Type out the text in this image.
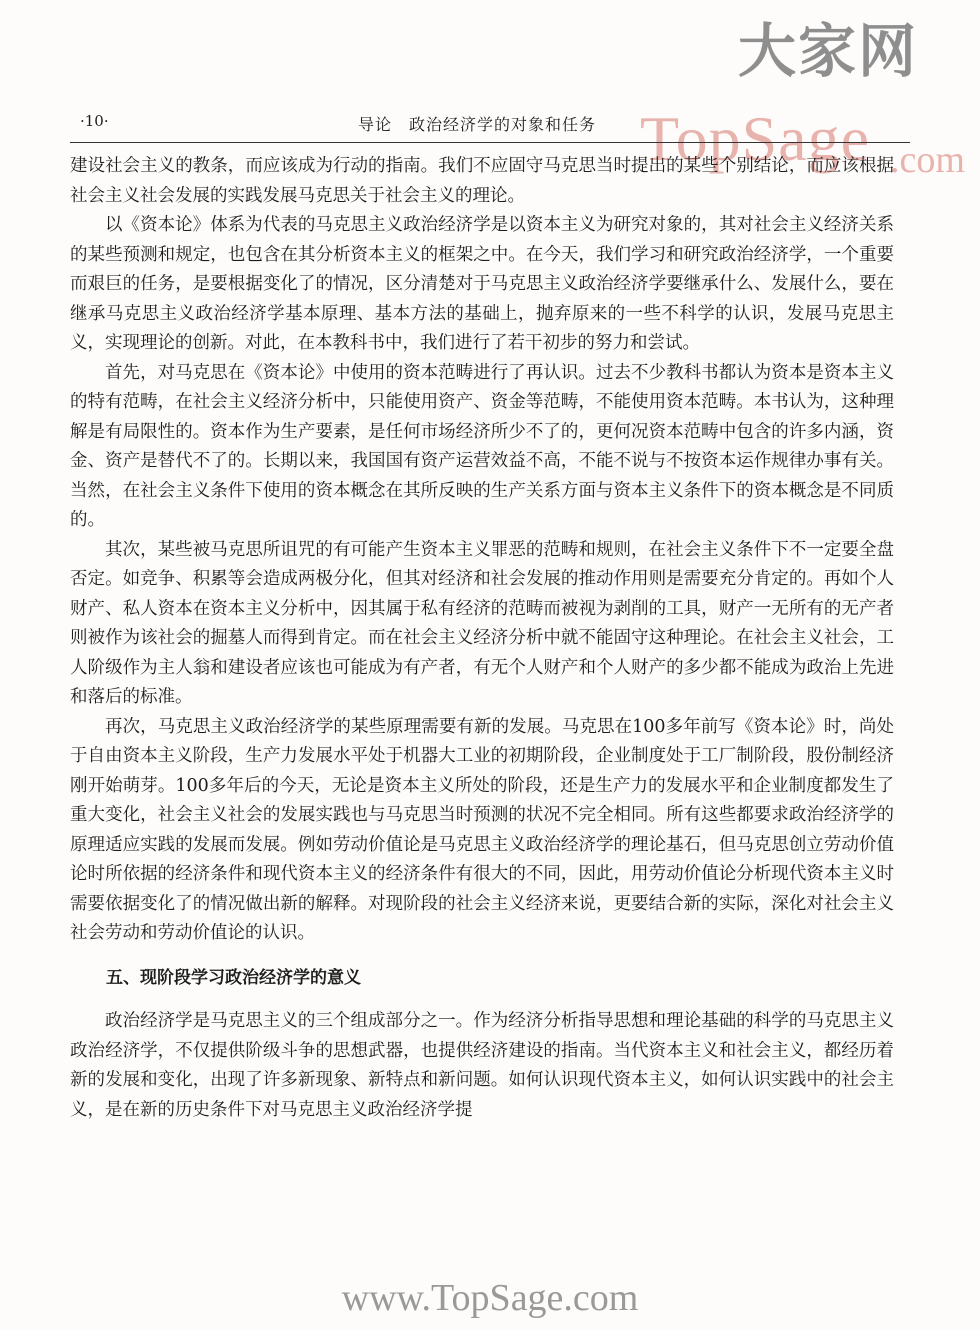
大家网
TopSage .com
·10·	导论　政治经济学的对象和任务

建设社会主义的教条，而应该成为行动的指南。我们不应固守马克思当时提出的某些个别结论，而应该根据社会主义社会发展的实践发展马克思关于社会主义的理论。

以《资本论》体系为代表的马克思主义政治经济学是以资本主义为研究对象的，其对社会主义经济关系的某些预测和规定，也包含在其分析资本主义的框架之中。在今天，我们学习和研究政治经济学，一个重要而艰巨的任务，是要根据变化了的情况，区分清楚对于马克思主义政治经济学要继承什么、发展什么，要在继承马克思主义政治经济学基本原理、基本方法的基础上，抛弃原来的一些不科学的认识，发展马克思主义，实现理论的创新。对此，在本教科书中，我们进行了若干初步的努力和尝试。

首先，对马克思在《资本论》中使用的资本范畴进行了再认识。过去不少教科书都认为资本是资本主义的特有范畴，在社会主义经济分析中，只能使用资产、资金等范畴，不能使用资本范畴。本书认为，这种理解是有局限性的。资本作为生产要素，是任何市场经济所少不了的，更何况资本范畴中包含的许多内涵，资金、资产是替代不了的。长期以来，我国国有资产运营效益不高，不能不说与不按资本运作规律办事有关。当然，在社会主义条件下使用的资本概念在其所反映的生产关系方面与资本主义条件下的资本概念是不同质的。

其次，某些被马克思所诅咒的有可能产生资本主义罪恶的范畴和规则，在社会主义条件下不一定要全盘否定。如竞争、积累等会造成两极分化，但其对经济和社会发展的推动作用则是需要充分肯定的。再如个人财产、私人资本在资本主义分析中，因其属于私有经济的范畴而被视为剥削的工具，财产一无所有的无产者则被作为该社会的掘墓人而得到肯定。而在社会主义经济分析中就不能固守这种理论。在社会主义社会，工人阶级作为主人翁和建设者应该也可能成为有产者，有无个人财产和个人财产的多少都不能成为政治上先进和落后的标准。

再次，马克思主义政治经济学的某些原理需要有新的发展。马克思在100多年前写《资本论》时，尚处于自由资本主义阶段，生产力发展水平处于机器大工业的初期阶段，企业制度处于工厂制阶段，股份制经济刚开始萌芽。100多年后的今天，无论是资本主义所处的阶段，还是生产力的发展水平和企业制度都发生了重大变化，社会主义社会的发展实践也与马克思当时预测的状况不完全相同。所有这些都要求政治经济学的原理适应实践的发展而发展。例如劳动价值论是马克思主义政治经济学的理论基石，但马克思创立劳动价值论时所依据的经济条件和现代资本主义的经济条件有很大的不同，因此，用劳动价值论分析现代资本主义时需要依据变化了的情况做出新的解释。对现阶段的社会主义经济来说，更要结合新的实际，深化对社会主义社会劳动和劳动价值论的认识。

五、现阶段学习政治经济学的意义

政治经济学是马克思主义的三个组成部分之一。作为经济分析指导思想和理论基础的科学的马克思主义政治经济学，不仅提供阶级斗争的思想武器，也提供经济建设的指南。当代资本主义和社会主义，都经历着新的发展和变化，出现了许多新现象、新特点和新问题。如何认识现代资本主义，如何认识实践中的社会主义，是在新的历史条件下对马克思主义政治经济学提

www.TopSage.com
